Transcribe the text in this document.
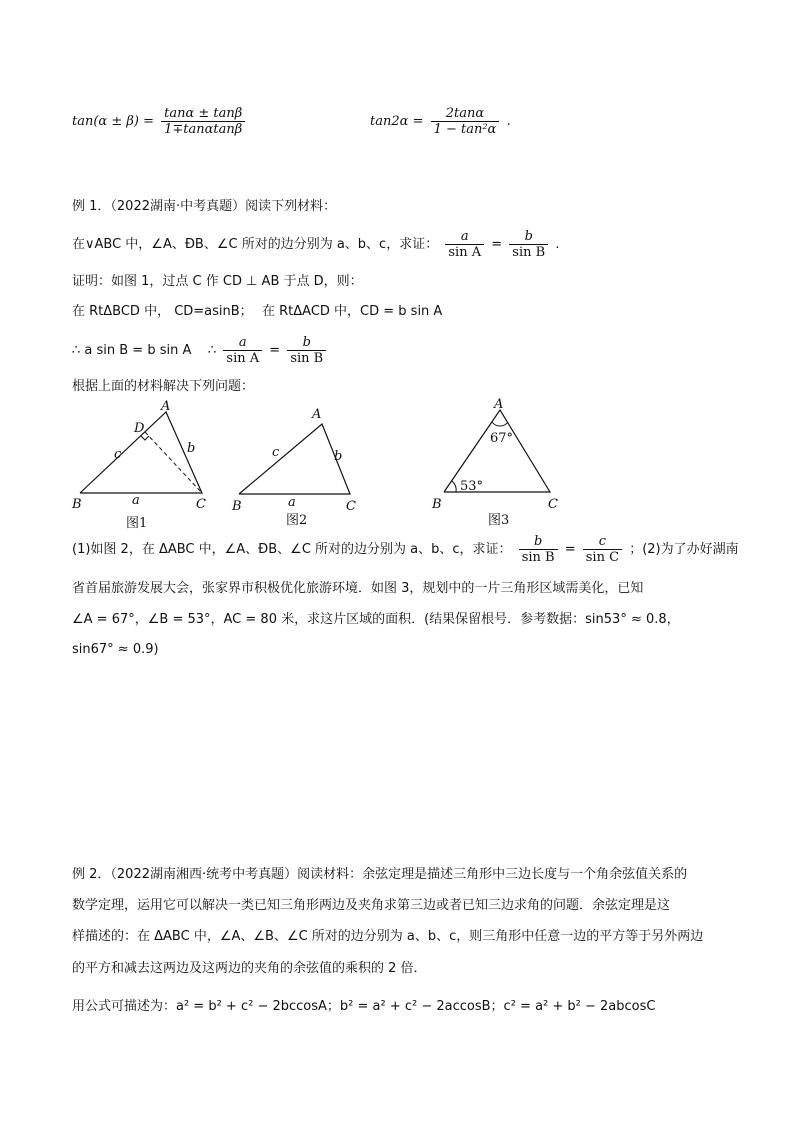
$\tan(\alpha \pm \beta) = \frac{\tan\alpha \pm \tan\beta}{1\mp\tan\alpha\tan\beta}$	$\tan 2\alpha = \frac{2\tan\alpha}{\text{1 − tan²α}}$ .
例 1．（2022湖南·中考真题）阅读下列材料：
在∨ABC 中，∠A、ÐB、∠C 所对的边分别为 a、b、c，求证： $\frac{a}{\text{sin A}} = \frac{b}{\text{sin B}}$ .
证明：如图 1，过点 C 作 CD ⊥ AB 于点 D，则：
在 RtΔBCD 中， CD=asinB； 在 RtΔACD 中，CD = b sin A
∴ a sin B = b sin A ∴ $\frac{a}{\text{sin A}} = \frac{b}{\text{sin B}}$
根据上面的材料解决下列问题：
A
D
c	b
B	a	C
图1
A
c	b
B	a	C
图2
A
67°
53°
B	C
图3
(1)如图 2，在 ΔABC 中，∠A、ÐB、∠C 所对的边分别为 a、b、c，求证： $\frac{b}{\text{sin B}} = \frac{c}{\text{sin C}}$ ；(2)为了办好湖南
省首届旅游发展大会，张家界市积极优化旅游环境．如图 3，规划中的一片三角形区域需美化，已知
∠A = 67°，∠B = 53°，AC = 80 米，求这片区域的面积．(结果保留根号．参考数据：sin53° ≈ 0.8，
sin67° ≈ 0.9)
例 2．（2022湖南湘西·统考中考真题）阅读材料：余弦定理是描述三角形中三边长度与一个角余弦值关系的
数学定理，运用它可以解决一类已知三角形两边及夹角求第三边或者已知三边求角的问题．余弦定理是这
样描述的：在 ΔABC 中，∠A、∠B、∠C 所对的边分别为 a、b、c，则三角形中任意一边的平方等于另外两边
的平方和减去这两边及这两边的夹角的余弦值的乘积的 2 倍．
用公式可描述为：a² = b² + c² − 2bccosA；b² = a² + c² − 2accosB；c² = a² + b² − 2abcosC
